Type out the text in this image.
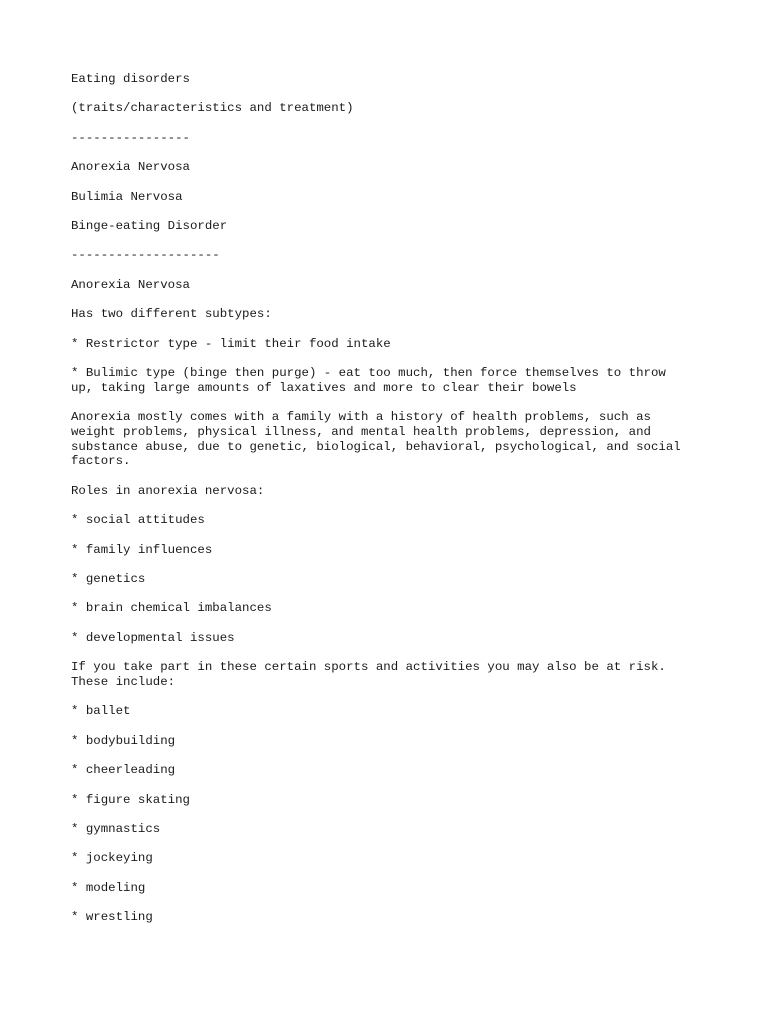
Eating disorders

(traits/characteristics and treatment)

----------------

Anorexia Nervosa

Bulimia Nervosa

Binge-eating Disorder

--------------------

Anorexia Nervosa

Has two different subtypes:

* Restrictor type - limit their food intake

* Bulimic type (binge then purge) - eat too much, then force themselves to throw
up, taking large amounts of laxatives and more to clear their bowels

Anorexia mostly comes with a family with a history of health problems, such as
weight problems, physical illness, and mental health problems, depression, and
substance abuse, due to genetic, biological, behavioral, psychological, and social
factors.

Roles in anorexia nervosa:

* social attitudes

* family influences

* genetics

* brain chemical imbalances

* developmental issues

If you take part in these certain sports and activities you may also be at risk.
These include:

* ballet

* bodybuilding

* cheerleading

* figure skating

* gymnastics

* jockeying

* modeling

* wrestling
